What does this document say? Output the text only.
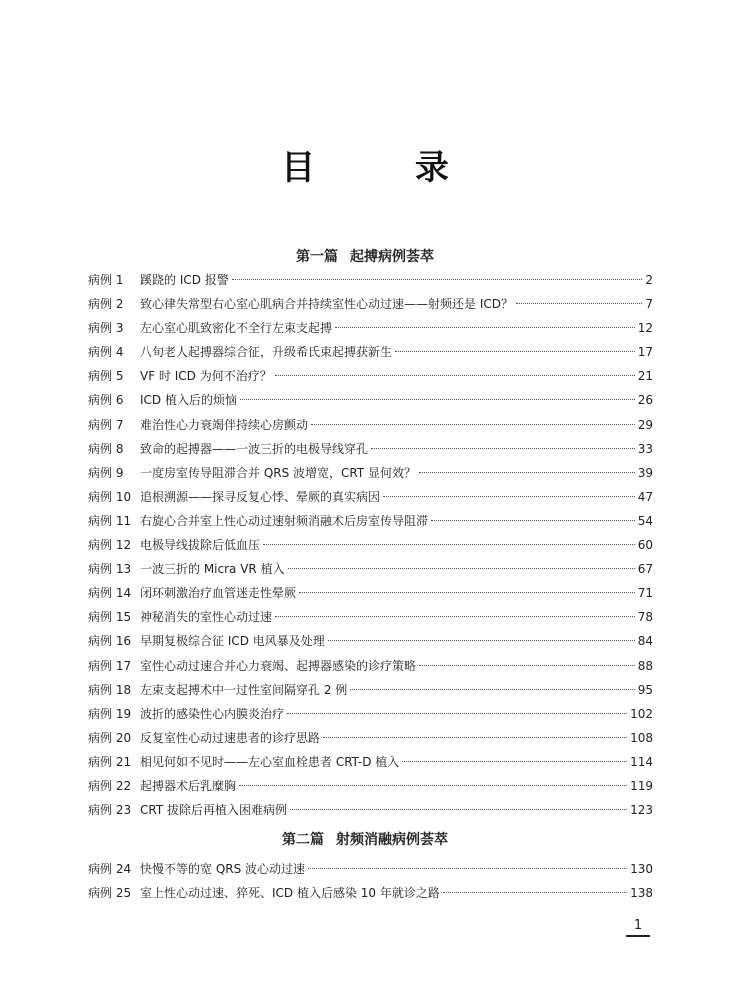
目 录
第一篇 起搏病例荟萃
病例 1	蹊跷的 ICD 报警	2
病例 2	致心律失常型右心室心肌病合并持续室性心动过速——射频还是 ICD？	7
病例 3	左心室心肌致密化不全行左束支起搏	12
病例 4	八旬老人起搏器综合征，升级希氏束起搏获新生	17
病例 5	VF 时 ICD 为何不治疗？	21
病例 6	ICD 植入后的烦恼	26
病例 7	难治性心力衰竭伴持续心房颤动	29
病例 8	致命的起搏器——一波三折的电极导线穿孔	33
病例 9	一度房室传导阻滞合并 QRS 波增宽，CRT 显何效？	39
病例 10 追根溯源——探寻反复心悸、晕厥的真实病因	47
病例 11 右旋心合并室上性心动过速射频消融术后房室传导阻滞	54
病例 12 电极导线拔除后低血压	60
病例 13 一波三折的 Micra VR 植入	67
病例 14 闭环刺激治疗血管迷走性晕厥	71
病例 15 神秘消失的室性心动过速	78
病例 16 早期复极综合征 ICD 电风暴及处理	84
病例 17 室性心动过速合并心力衰竭、起搏器感染的诊疗策略	88
病例 18 左束支起搏术中一过性室间隔穿孔 2 例	95
病例 19 波折的感染性心内膜炎治疗	102
病例 20 反复室性心动过速患者的诊疗思路	108
病例 21 相见何如不见时——左心室血栓患者 CRT-D 植入	114
病例 22 起搏器术后乳糜胸	119
病例 23 CRT 拔除后再植入困难病例	123
第二篇 射频消融病例荟萃
病例 24 快慢不等的宽 QRS 波心动过速	130
病例 25 室上性心动过速、猝死、ICD 植入后感染 10 年就诊之路	138
1
